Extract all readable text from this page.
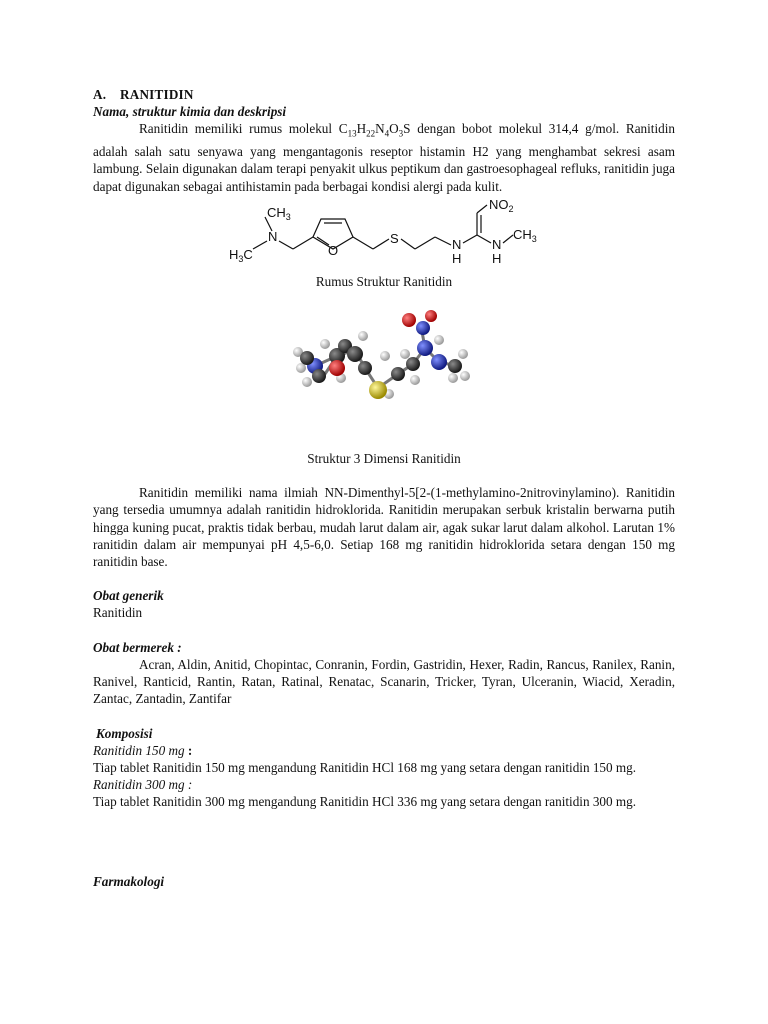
A. RANITIDIN

Nama, struktur kimia dan deskripsi

Ranitidin memiliki rumus molekul $C_{13}H_{22}N_4O_3S$ dengan bobot molekul 314,4 g/mol. Ranitidin adalah salah satu senyawa yang mengantagonis reseptor histamin H2 yang menghambat sekresi asam lambung. Selain digunakan dalam terapi penyakit ulkus peptikum dan gastroesophageal refluks, ranitidin juga dapat digunakan sebagai antihistamin pada berbagai kondisi alergi pada kulit.

$CH_3$
N
$H_3C$	O
S	N
H
$NO_2$
N
H
$CH_3$

Rumus Struktur Ranitidin

Struktur 3 Dimensi Ranitidin

Ranitidin memiliki nama ilmiah NN-Dimenthyl-5[2-(1-methylamino-2nitrovinylamino). Ranitidin yang tersedia umumnya adalah ranitidin hidroklorida. Ranitidin merupakan serbuk kristalin berwarna putih hingga kuning pucat, praktis tidak berbau, mudah larut dalam air, agak sukar larut dalam alkohol. Larutan 1% ranitidin dalam air mempunyai pH 4,5-6,0. Setiap 168 mg ranitidin hidroklorida setara dengan 150 mg ranitidin base.

Obat generik

Ranitidin

Obat bermerek :

Acran, Aldin, Anitid, Chopintac, Conranin, Fordin, Gastridin, Hexer, Radin, Rancus, Ranilex, Ranin, Ranivel, Ranticid, Rantin, Ratan, Ratinal, Renatac, Scanarin, Tricker, Tyran, Ulceranin, Wiacid, Xeradin, Zantac, Zantadin, Zantifar

Komposisi

Ranitidin 150 mg :

Tiap tablet Ranitidin 150 mg mengandung Ranitidin HCl 168 mg yang setara dengan ranitidin 150 mg.

Ranitidin 300 mg :

Tiap tablet Ranitidin 300 mg mengandung Ranitidin HCl 336 mg yang setara dengan ranitidin 300 mg.

Farmakologi
